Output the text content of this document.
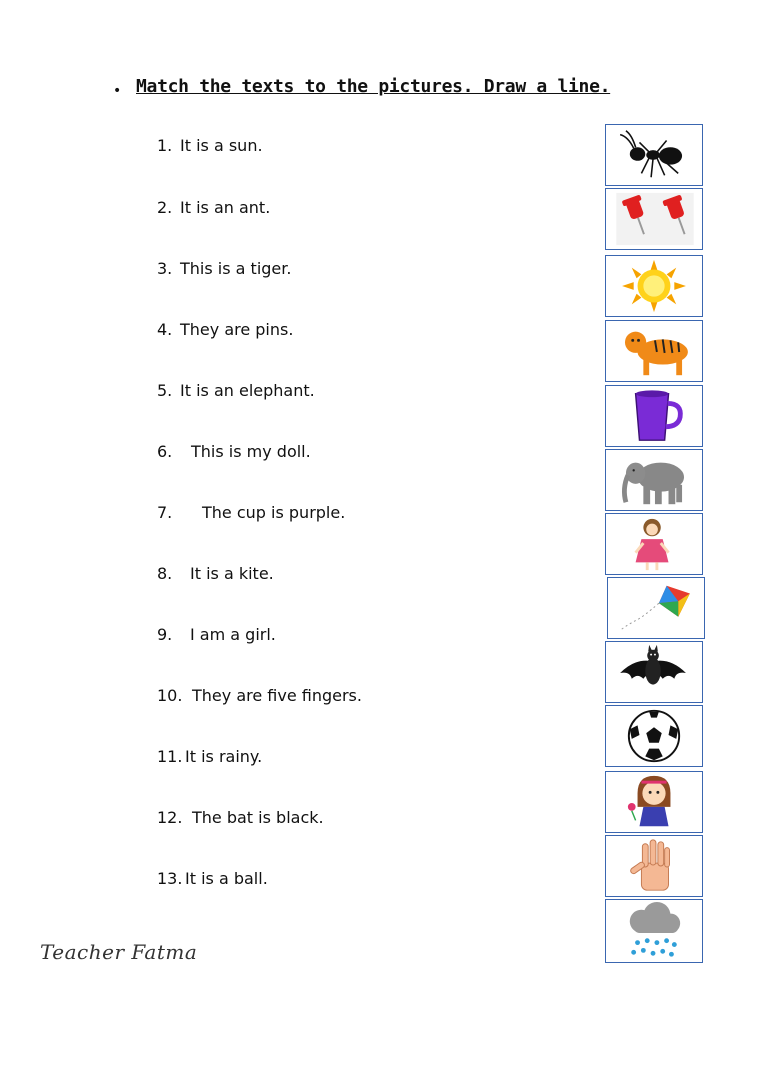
• Match the texts to the pictures. Draw a line.
1. It is a sun.
2. It is an ant.
3. This is a tiger.
4. They are pins.
5. It is an elephant.
6. This is my doll.
7. The cup is purple.
8. It is a kite.
9. I am a girl.
10. They are five fingers.
11. It is rainy.
12. The bat is black.
13. It is a ball.
Teacher Fatma
